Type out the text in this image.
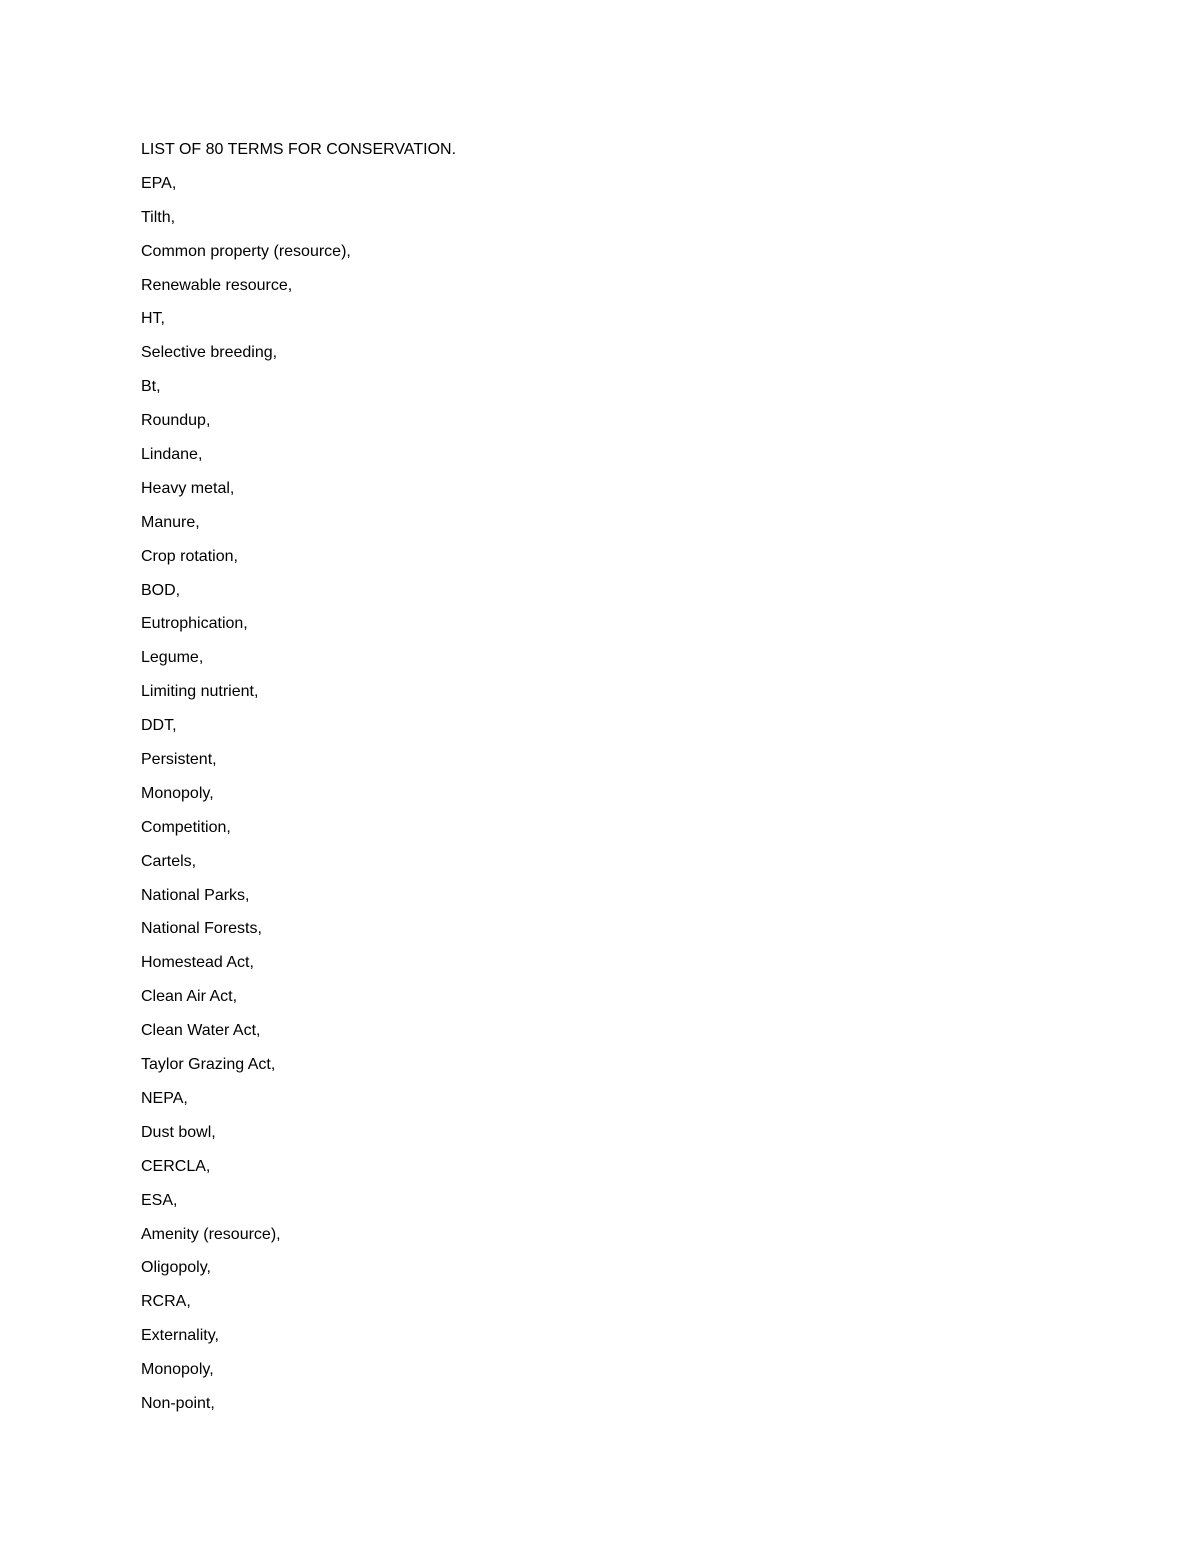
LIST OF 80 TERMS FOR CONSERVATION.
EPA,
Tilth,
Common property (resource),
Renewable resource,
HT,
Selective breeding,
Bt,
Roundup,
Lindane,
Heavy metal,
Manure,
Crop rotation,
BOD,
Eutrophication,
Legume,
Limiting nutrient,
DDT,
Persistent,
Monopoly,
Competition,
Cartels,
National Parks,
National Forests,
Homestead Act,
Clean Air Act,
Clean Water Act,
Taylor Grazing Act,
NEPA,
Dust bowl,
CERCLA,
ESA,
Amenity (resource),
Oligopoly,
RCRA,
Externality,
Monopoly,
Non-point,
